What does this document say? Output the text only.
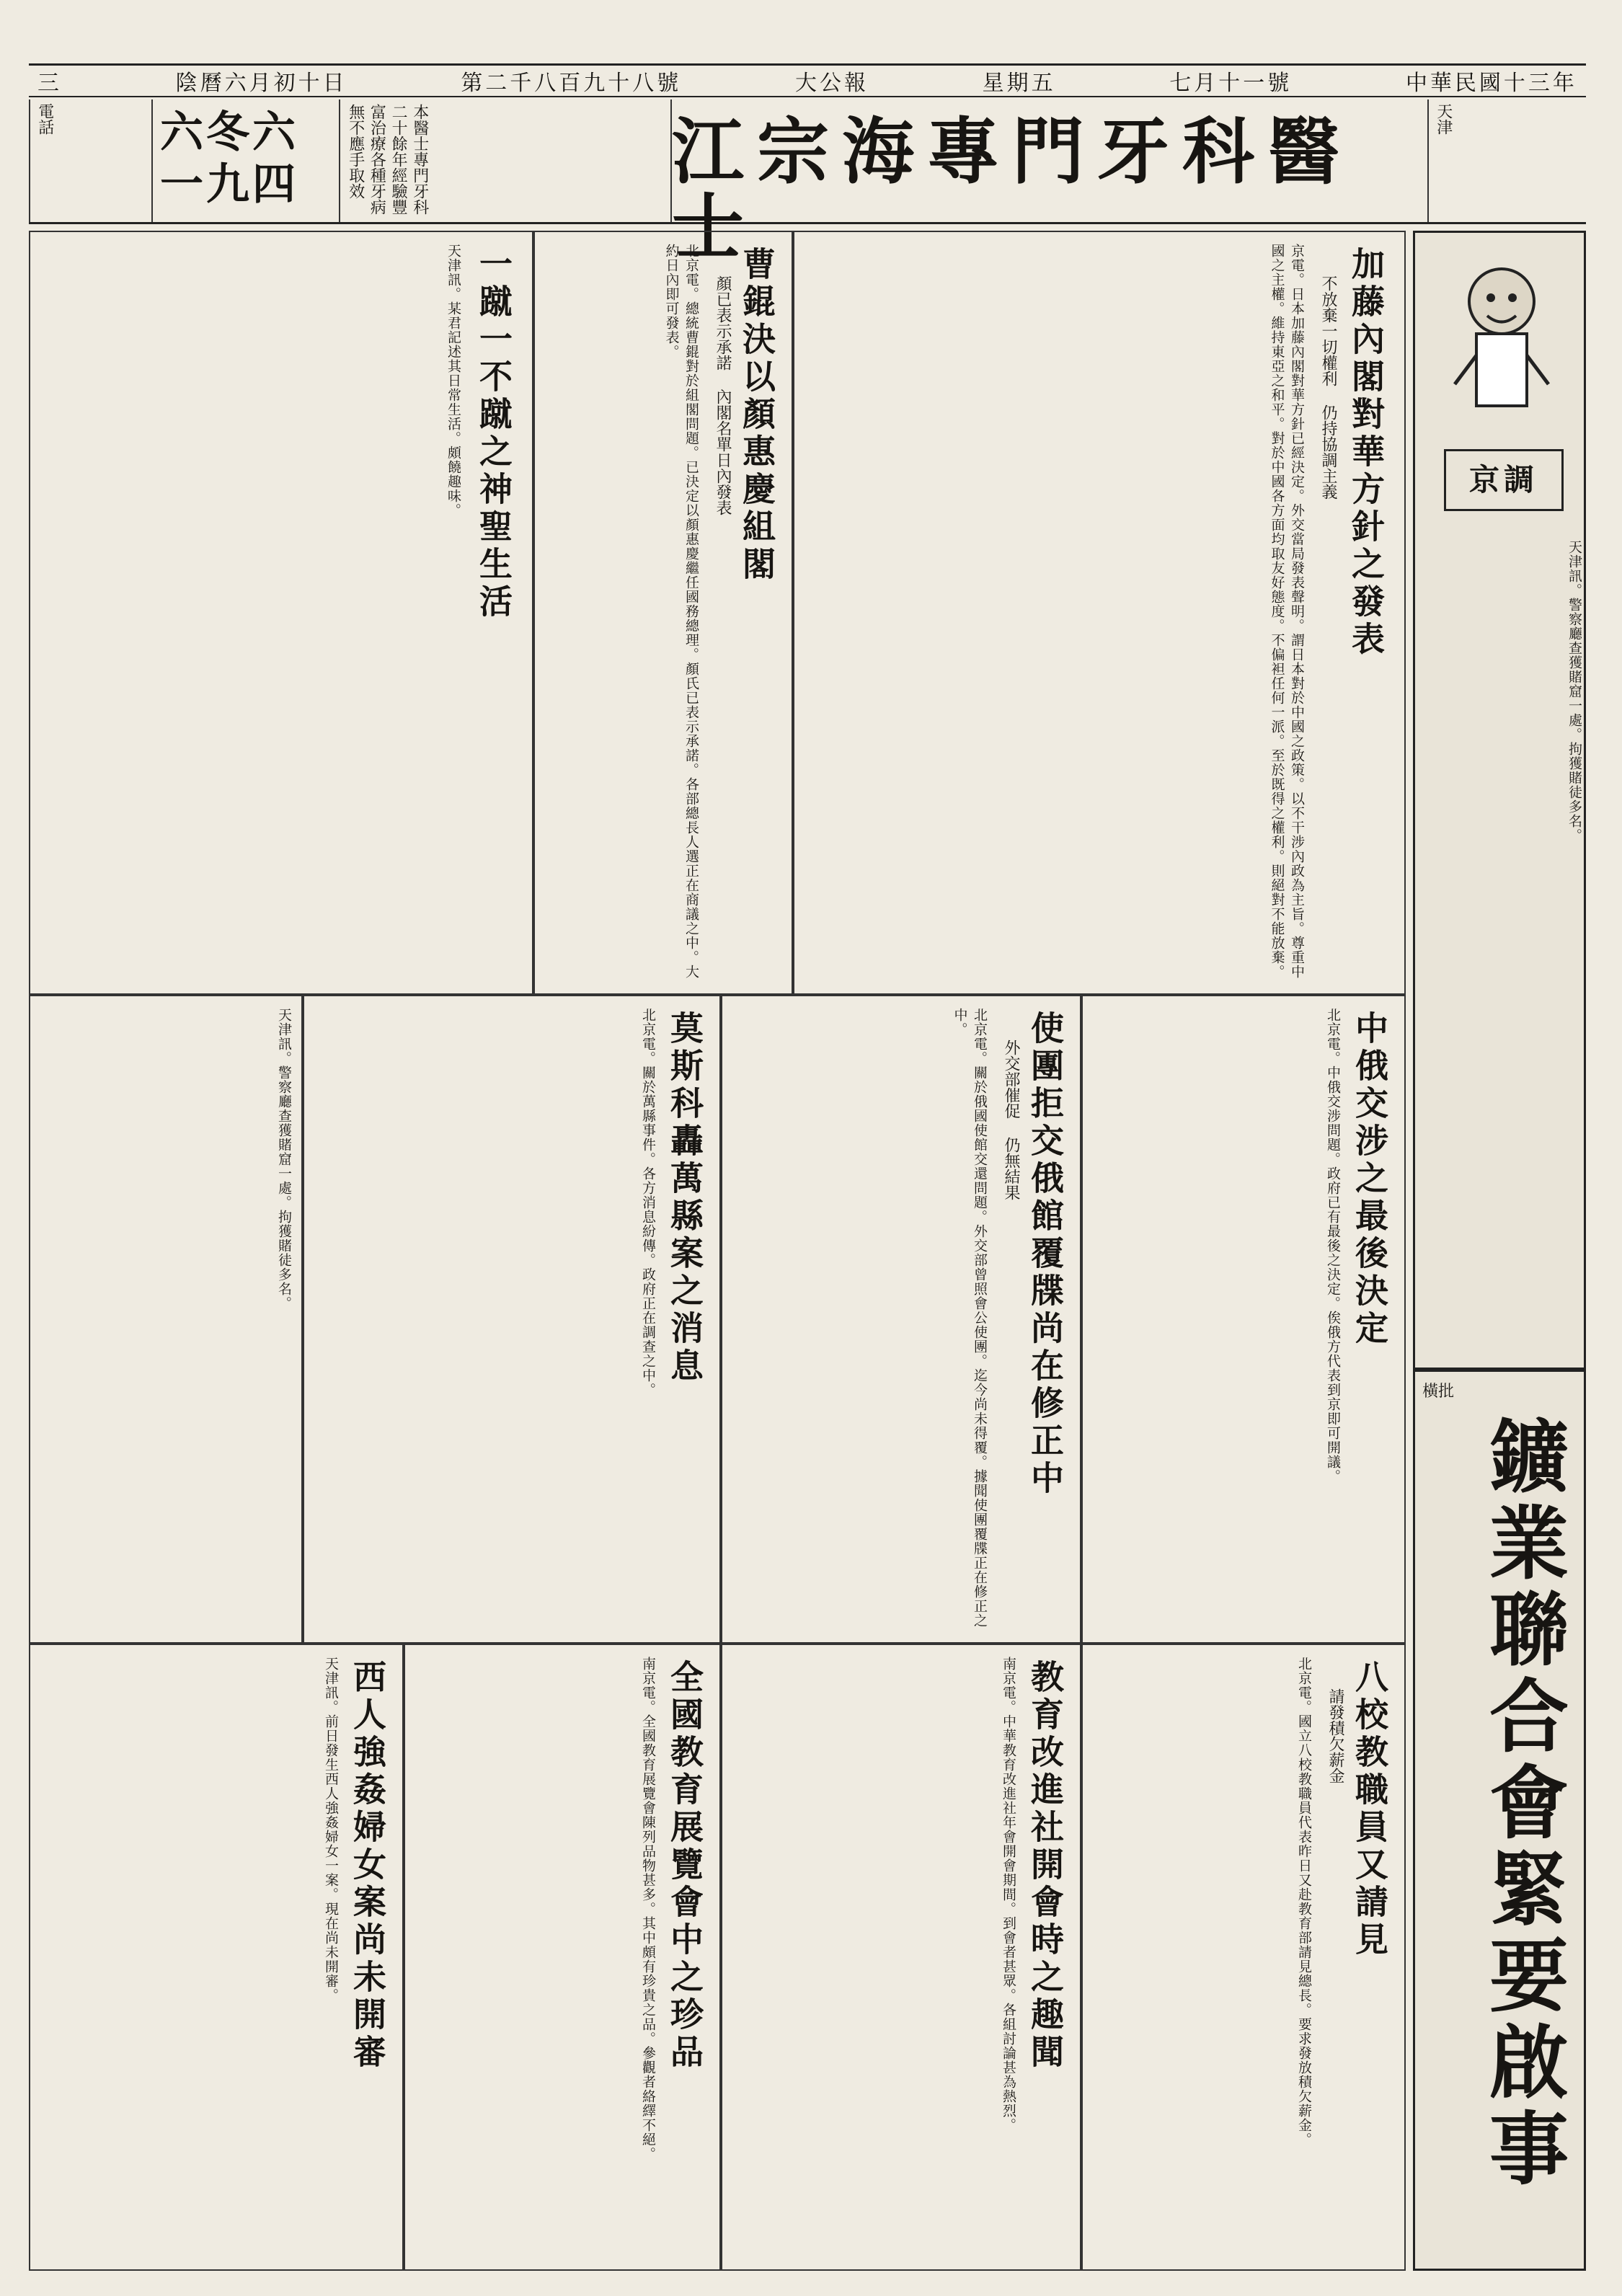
中華民國十三年
七月十一號
星期五
大公報
第二千八百九十八號
陰曆六月初十日
三
天津
江宗海專門牙科醫士
本醫士專門牙科二十餘年經驗豐富治療各種牙病無不應手取效
六冬六一九四
電話
京調
天津訊。警察廳查獲賭窟一處。拘獲賭徒多名。
鑛業聯合會緊要啟事
橫批
加藤內閣對華方針之發表
不放棄一切權利 仍持協調主義
京電。日本加藤內閣對華方針已經決定。外交當局發表聲明。謂日本對於中國之政策。以不干涉內政為主旨。尊重中國之主權。維持東亞之和平。對於中國各方面均取友好態度。不偏袒任何一派。至於既得之權利。則絕對不能放棄。
曹錕決以顏惠慶組閣
顏已表示承諾 內閣名單日內發表
北京電。總統曹錕對於組閣問題。已決定以顏惠慶繼任國務總理。顏氏已表示承諾。各部總長人選正在商議之中。大約日內即可發表。
一蹴一不蹴之神聖生活
天津訊。某君記述其日常生活。頗饒趣味。
中俄交涉之最後決定
北京電。中俄交涉問題。政府已有最後之決定。俟俄方代表到京即可開議。
使團拒交俄館覆牒尚在修正中
外交部催促 仍無結果
北京電。關於俄國使館交還問題。外交部曾照會公使團。迄今尚未得覆。據聞使團覆牒正在修正之中。
莫斯科轟萬縣案之消息
北京電。關於萬縣事件。各方消息紛傳。政府正在調查之中。
天津訊。警察廳查獲賭窟一處。拘獲賭徒多名。
八校教職員又請見
請發積欠薪金
北京電。國立八校教職員代表昨日又赴教育部請見總長。要求發放積欠薪金。
教育改進社開會時之趣聞
南京電。中華教育改進社年會開會期間。到會者甚眾。各組討論甚為熱烈。
全國教育展覽會中之珍品
南京電。全國教育展覽會陳列品物甚多。其中頗有珍貴之品。參觀者絡繹不絕。
西人強姦婦女案尚未開審
天津訊。前日發生西人強姦婦女一案。現在尚未開審。
